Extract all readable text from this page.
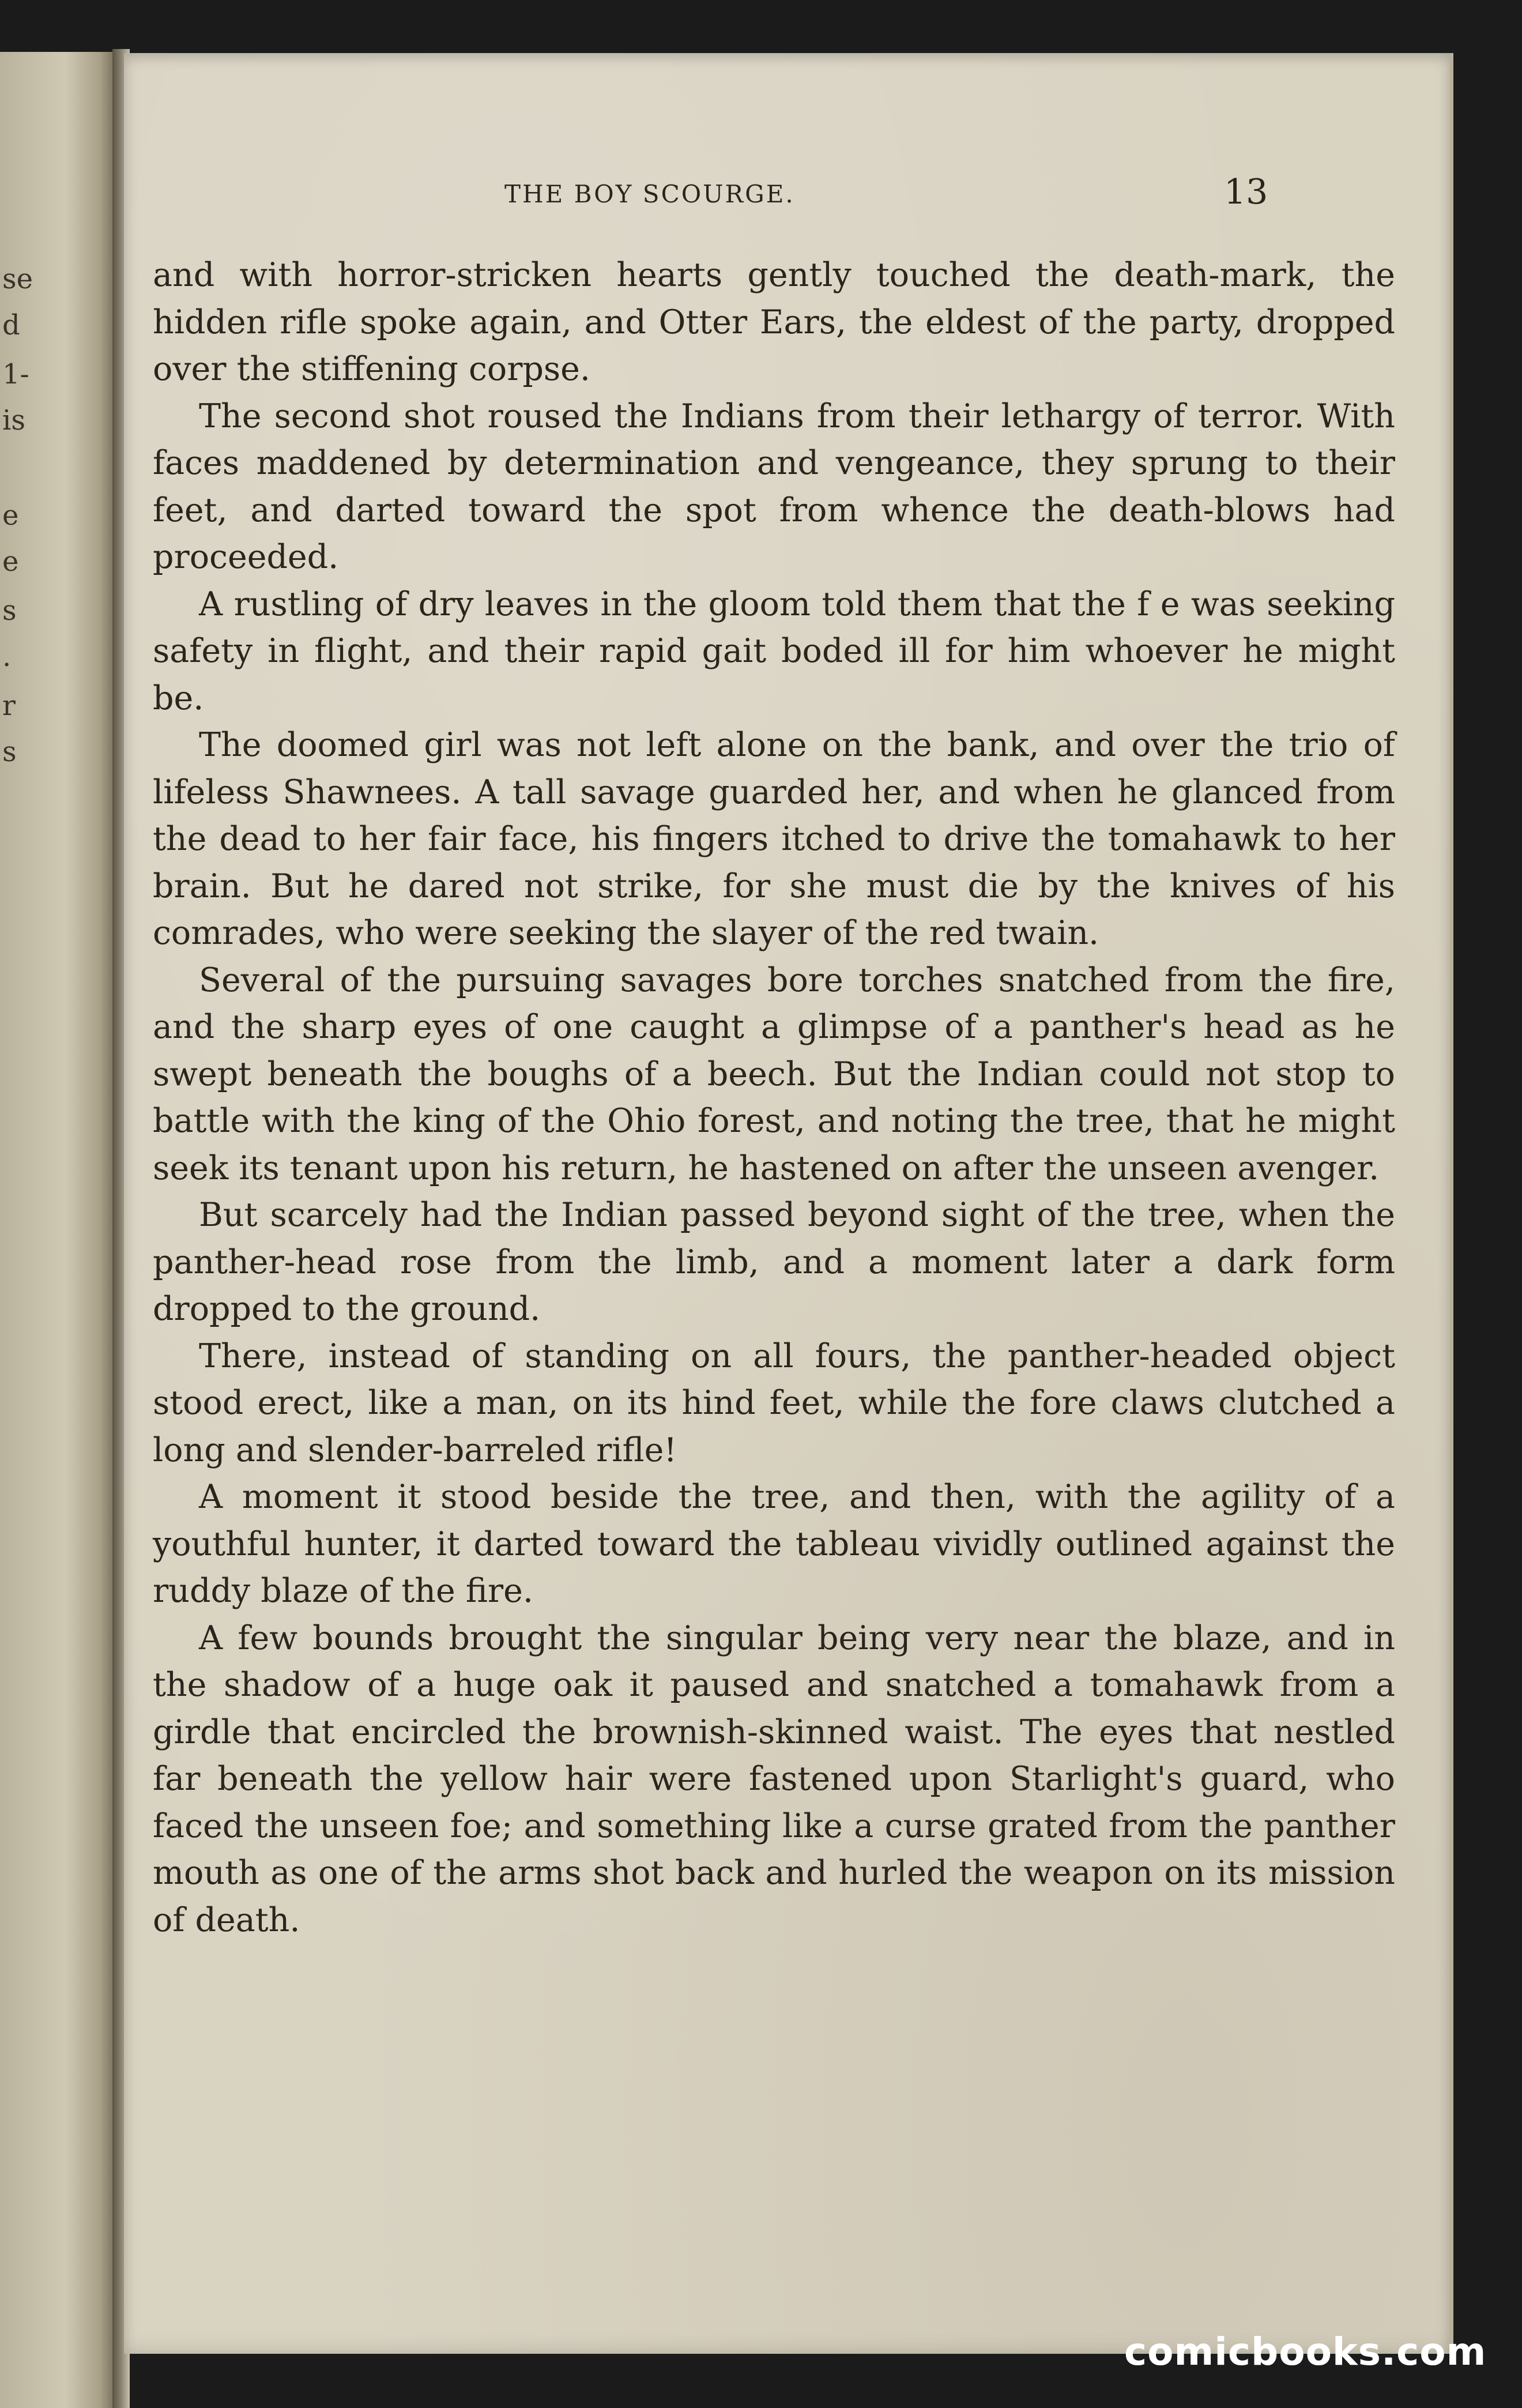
se
d
1-
is
e
e
s
.
r
s
THE BOY SCOURGE.	13

and with horror-stricken hearts gently touched the death-mark, the hidden rifle spoke again, and Otter Ears, the eldest of the party, dropped over the stiffening corpse.

The second shot roused the Indians from their lethargy of terror. With faces maddened by determination and vengeance, they sprung to their feet, and darted toward the spot from whence the death-blows had proceeded.

A rustling of dry leaves in the gloom told them that the f e was seeking safety in flight, and their rapid gait boded ill for him whoever he might be.

The doomed girl was not left alone on the bank, and over the trio of lifeless Shawnees. A tall savage guarded her, and when he glanced from the dead to her fair face, his fingers itched to drive the tomahawk to her brain. But he dared not strike, for she must die by the knives of his comrades, who were seeking the slayer of the red twain.

Several of the pursuing savages bore torches snatched from the fire, and the sharp eyes of one caught a glimpse of a panther's head as he swept beneath the boughs of a beech. But the Indian could not stop to battle with the king of the Ohio forest, and noting the tree, that he might seek its tenant upon his return, he hastened on after the unseen avenger.

But scarcely had the Indian passed beyond sight of the tree, when the panther-head rose from the limb, and a moment later a dark form dropped to the ground.

There, instead of standing on all fours, the panther-headed object stood erect, like a man, on its hind feet, while the fore claws clutched a long and slender-barreled rifle!

A moment it stood beside the tree, and then, with the agility of a youthful hunter, it darted toward the tableau vividly outlined against the ruddy blaze of the fire.

A few bounds brought the singular being very near the blaze, and in the shadow of a huge oak it paused and snatched a tomahawk from a girdle that encircled the brownish-skinned waist. The eyes that nestled far beneath the yellow hair were fastened upon Starlight's guard, who faced the unseen foe; and something like a curse grated from the panther mouth as one of the arms shot back and hurled the weapon on its mission of death.

comicbooks.com
